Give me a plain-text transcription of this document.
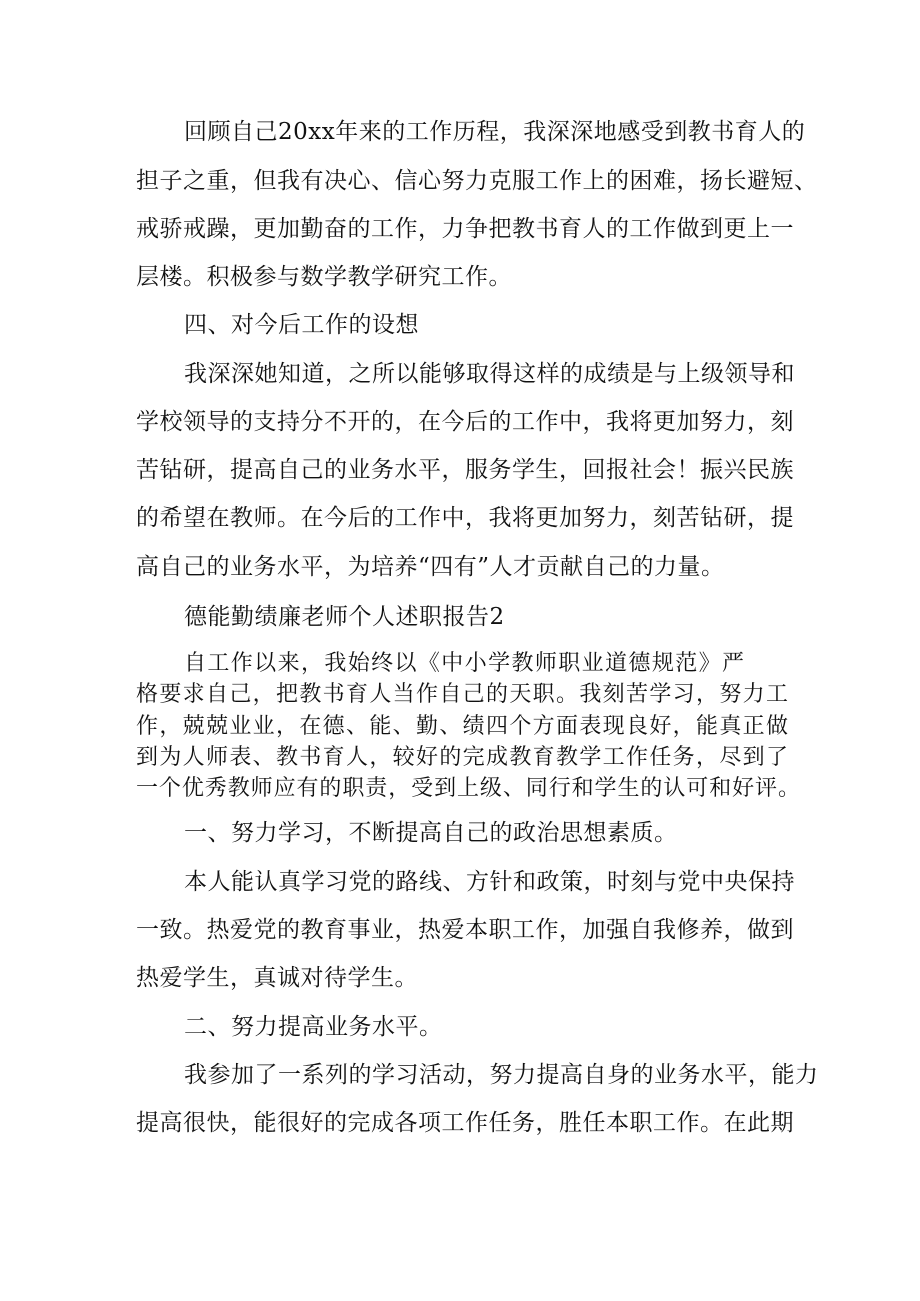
回顾自己20xx年来的工作历程，我深深地感受到教书育人的
担子之重，但我有决心、信心努力克服工作上的困难，扬长避短、
戒骄戒躁，更加勤奋的工作，力争把教书育人的工作做到更上一
层楼。积极参与数学教学研究工作。
四、对今后工作的设想
我深深她知道，之所以能够取得这样的成绩是与上级领导和
学校领导的支持分不开的，在今后的工作中，我将更加努力，刻
苦钻研，提高自己的业务水平，服务学生，回报社会！振兴民族
的希望在教师。在今后的工作中，我将更加努力，刻苦钻研，提
高自己的业务水平，为培养“四有”人才贡献自己的力量。
德能勤绩廉老师个人述职报告2
自工作以来，我始终以《中小学教师职业道德规范》严
格要求自己，把教书育人当作自己的天职。我刻苦学习，努力工
作，兢兢业业，在德、能、勤、绩四个方面表现良好，能真正做
到为人师表、教书育人，较好的完成教育教学工作任务，尽到了
一个优秀教师应有的职责，受到上级、同行和学生的认可和好评。
一、努力学习，不断提高自己的政治思想素质。
本人能认真学习党的路线、方针和政策，时刻与党中央保持
一致。热爱党的教育事业，热爱本职工作，加强自我修养，做到
热爱学生，真诚对待学生。
二、努力提高业务水平。
我参加了一系列的学习活动，努力提高自身的业务水平，能力
提高很快，能很好的完成各项工作任务，胜任本职工作。在此期
